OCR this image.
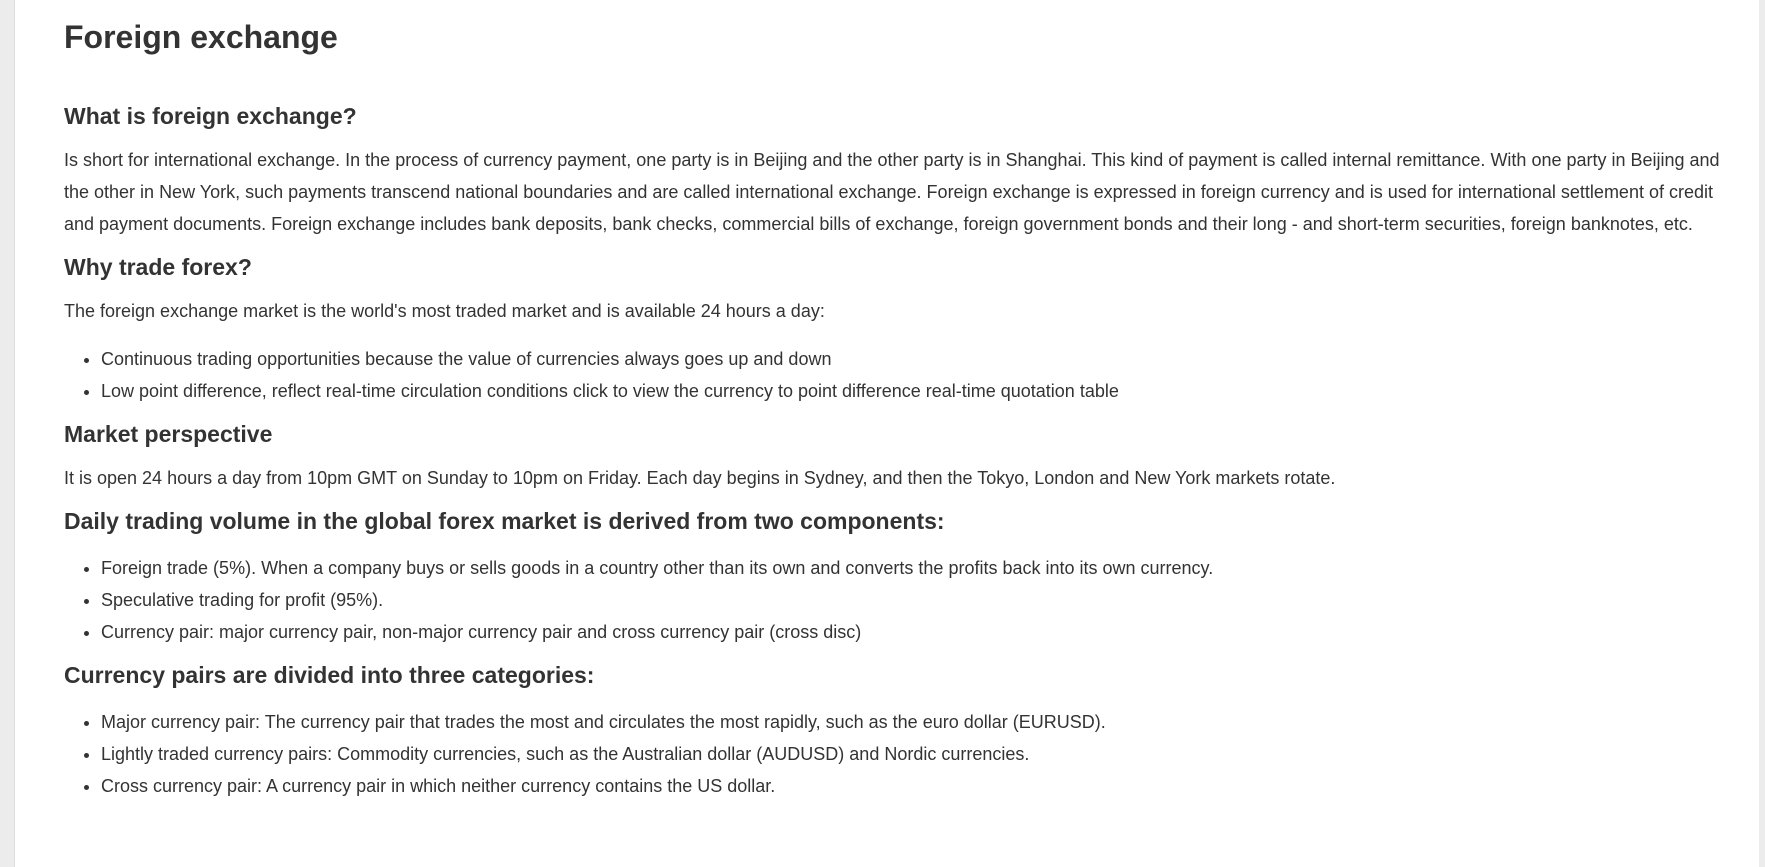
Foreign exchange
What is foreign exchange?

Is short for international exchange. In the process of currency payment, one party is in Beijing and the other party is in Shanghai. This kind of payment is called internal remittance. With one party in Beijing and the other in New York, such payments transcend national boundaries and are called international exchange. Foreign exchange is expressed in foreign currency and is used for international settlement of credit and payment documents. Foreign exchange includes bank deposits, bank checks, commercial bills of exchange, foreign government bonds and their long - and short-term securities, foreign banknotes, etc.

Why trade forex?

The foreign exchange market is the world's most traded market and is available 24 hours a day:

• Continuous trading opportunities because the value of currencies always goes up and down
• Low point difference, reflect real-time circulation conditions click to view the currency to point difference real-time quotation table
Market perspective

It is open 24 hours a day from 10pm GMT on Sunday to 10pm on Friday. Each day begins in Sydney, and then the Tokyo, London and New York markets rotate.

Daily trading volume in the global forex market is derived from two components:
• Foreign trade (5%). When a company buys or sells goods in a country other than its own and converts the profits back into its own currency.
• Speculative trading for profit (95%).
• Currency pair: major currency pair, non-major currency pair and cross currency pair (cross disc)
Currency pairs are divided into three categories:
• Major currency pair: The currency pair that trades the most and circulates the most rapidly, such as the euro dollar (EURUSD).
• Lightly traded currency pairs: Commodity currencies, such as the Australian dollar (AUDUSD) and Nordic currencies.
• Cross currency pair: A currency pair in which neither currency contains the US dollar.
